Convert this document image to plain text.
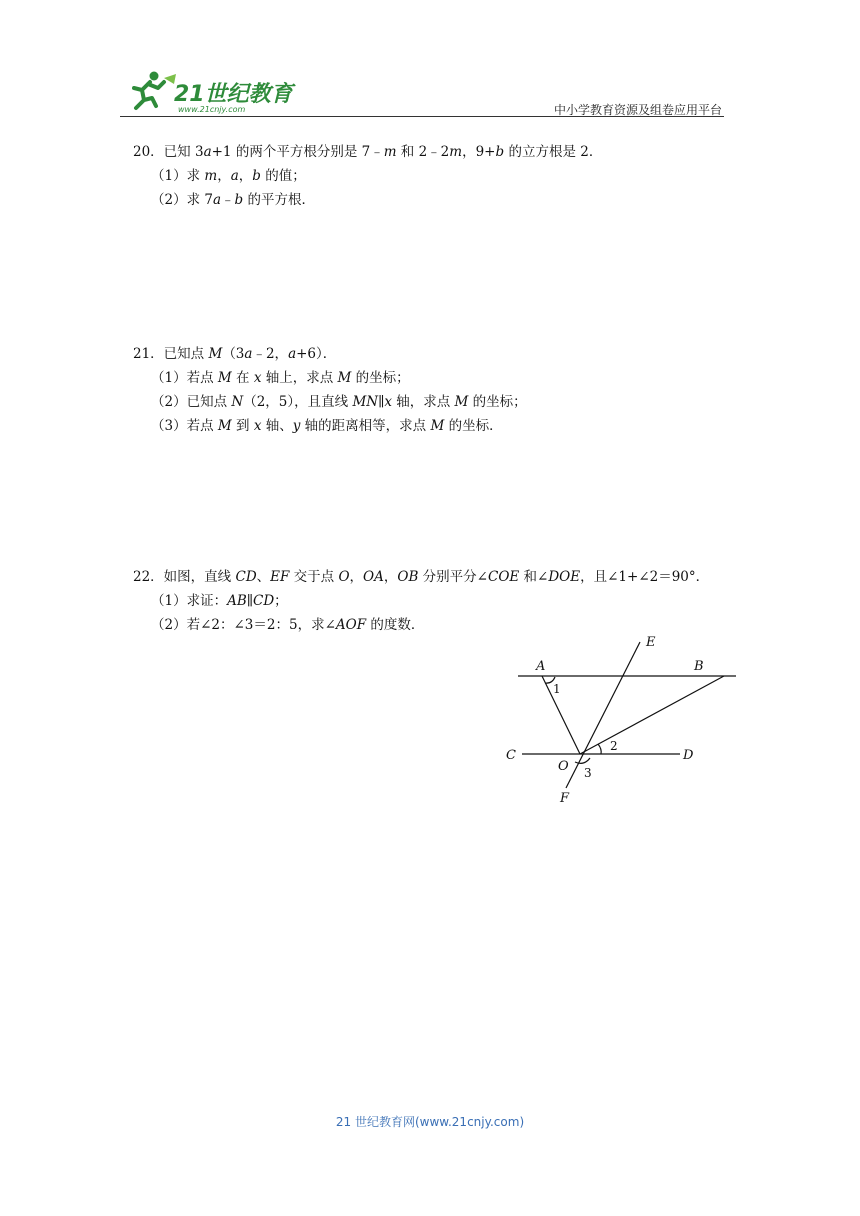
21世纪教育
www.21cnjy.com	中小学教育资源及组卷应用平台
20．已知 3a+1 的两个平方根分别是 7﹣m 和 2﹣2m，9+b 的立方根是 2．
（1）求 m，a，b 的值；
（2）求 7a﹣b 的平方根．
21．已知点 M（3a﹣2，a+6）．
（1）若点 M 在 x 轴上，求点 M 的坐标；
（2）已知点 N（2，5），且直线 MN∥x 轴，求点 M 的坐标；
（3）若点 M 到 x 轴、y 轴的距离相等，求点 M 的坐标．
22．如图，直线 CD、EF 交于点 O，OA，OB 分别平分∠COE 和∠DOE，且∠1+∠2＝90°．
（1）求证：AB∥CD；
（2）若∠2：∠3＝2：5，求∠AOF 的度数．
A	B
C	D
E
F
O
1
2
3
21 世纪教育网(www.21cnjy.com)
